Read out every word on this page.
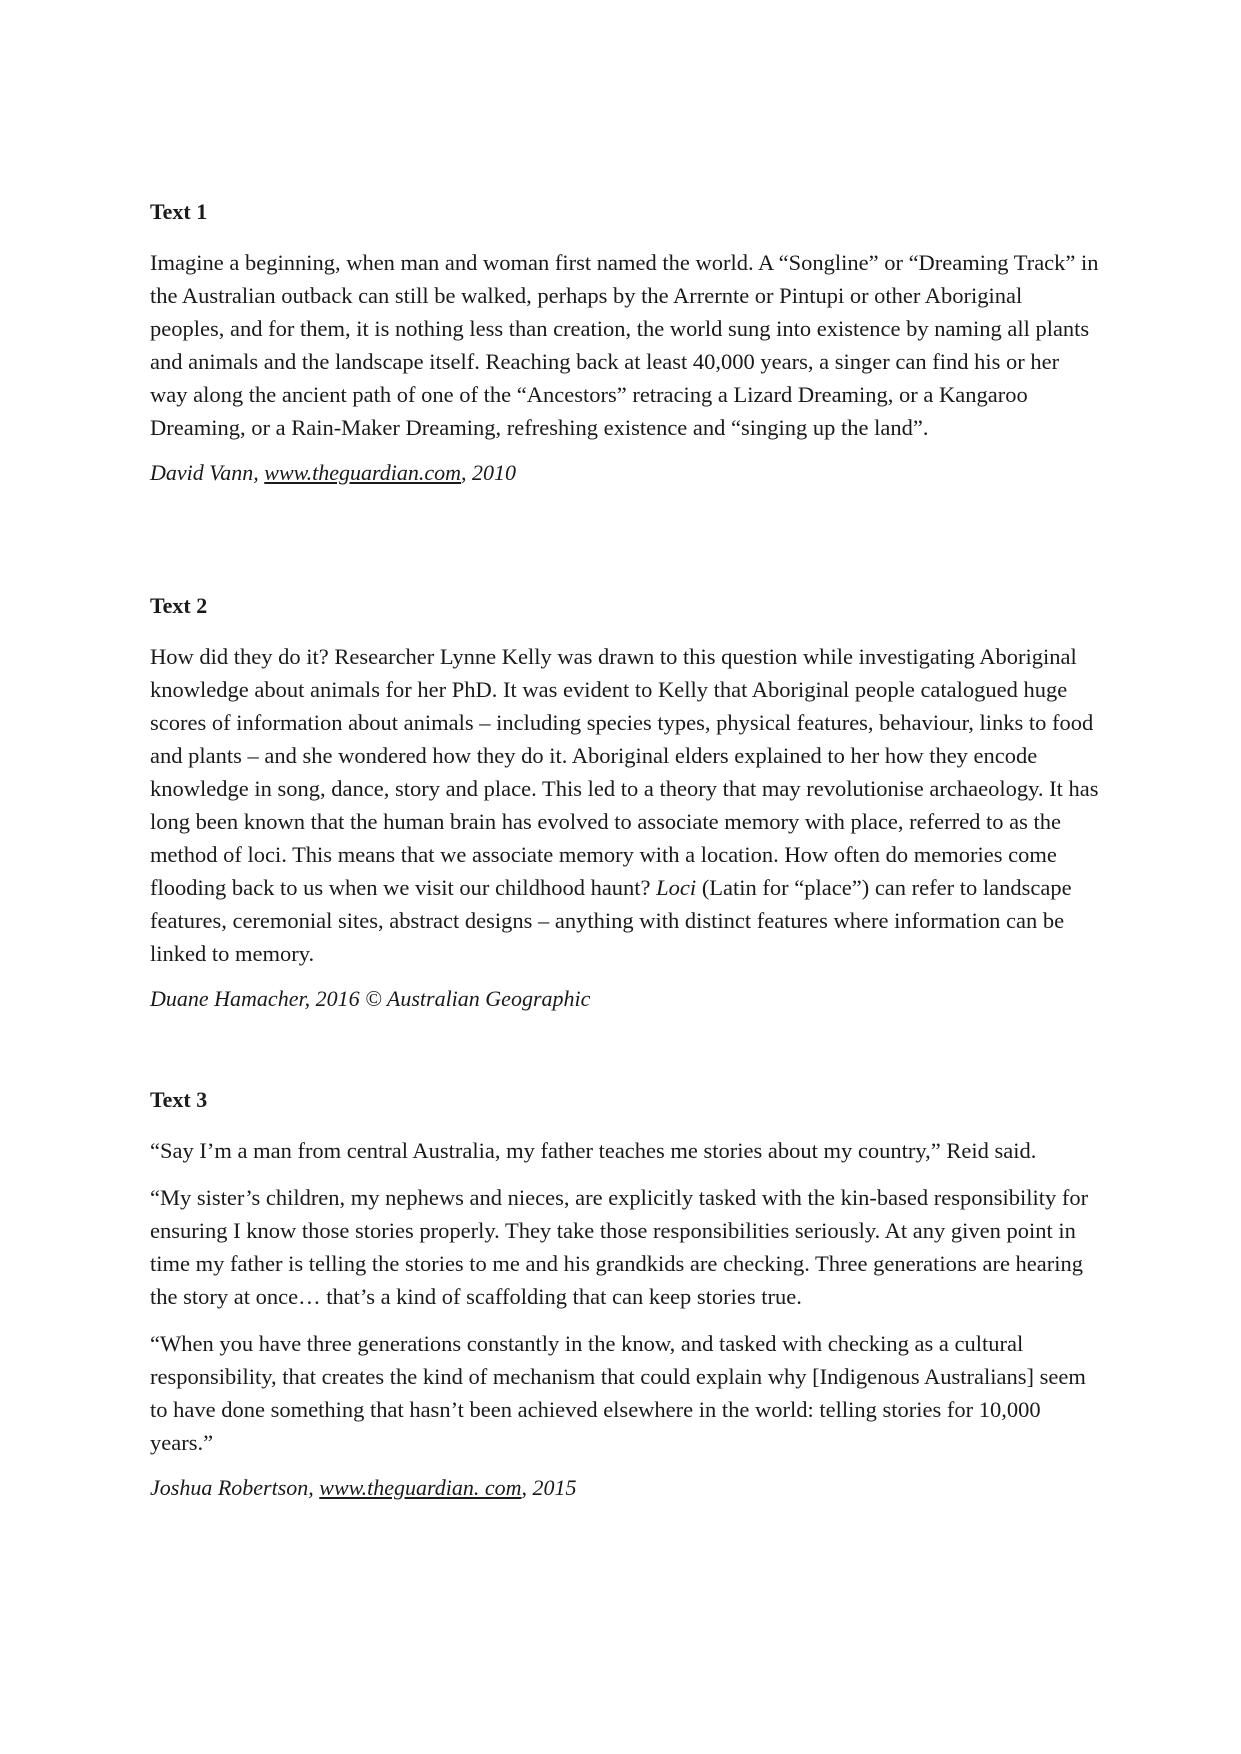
Text 1

Imagine a beginning, when man and woman first named the world. A “Songline” or “Dreaming Track” in the Australian outback can still be walked, perhaps by the Arrernte or Pintupi or other Aboriginal peoples, and for them, it is nothing less than creation, the world sung into existence by naming all plants and animals and the landscape itself. Reaching back at least 40,000 years, a singer can find his or her way along the ancient path of one of the “Ancestors” retracing a Lizard Dreaming, or a Kangaroo Dreaming, or a Rain-Maker Dreaming, refreshing existence and “singing up the land”.

David Vann, www.theguardian.com, 2010

Text 2

How did they do it? Researcher Lynne Kelly was drawn to this question while investigating Aboriginal knowledge about animals for her PhD. It was evident to Kelly that Aboriginal people catalogued huge scores of information about animals – including species types, physical features, behaviour, links to food and plants – and she wondered how they do it. Aboriginal elders explained to her how they encode knowledge in song, dance, story and place. This led to a theory that may revolutionise archaeology. It has long been known that the human brain has evolved to associate memory with place, referred to as the method of loci. This means that we associate memory with a location. How often do memories come flooding back to us when we visit our childhood haunt? Loci (Latin for “place”) can refer to landscape features, ceremonial sites, abstract designs – anything with distinct features where information can be linked to memory.

Duane Hamacher, 2016 © Australian Geographic

Text 3

“Say I’m a man from central Australia, my father teaches me stories about my country,” Reid said.

“My sister’s children, my nephews and nieces, are explicitly tasked with the kin-based responsibility for ensuring I know those stories properly. They take those responsibilities seriously. At any given point in time my father is telling the stories to me and his grandkids are checking. Three generations are hearing the story at once… that’s a kind of scaffolding that can keep stories true.

“When you have three generations constantly in the know, and tasked with checking as a cultural responsibility, that creates the kind of mechanism that could explain why [Indigenous Australians] seem to have done something that hasn’t been achieved elsewhere in the world: telling stories for 10,000 years.”

Joshua Robertson, www.theguardian. com, 2015
